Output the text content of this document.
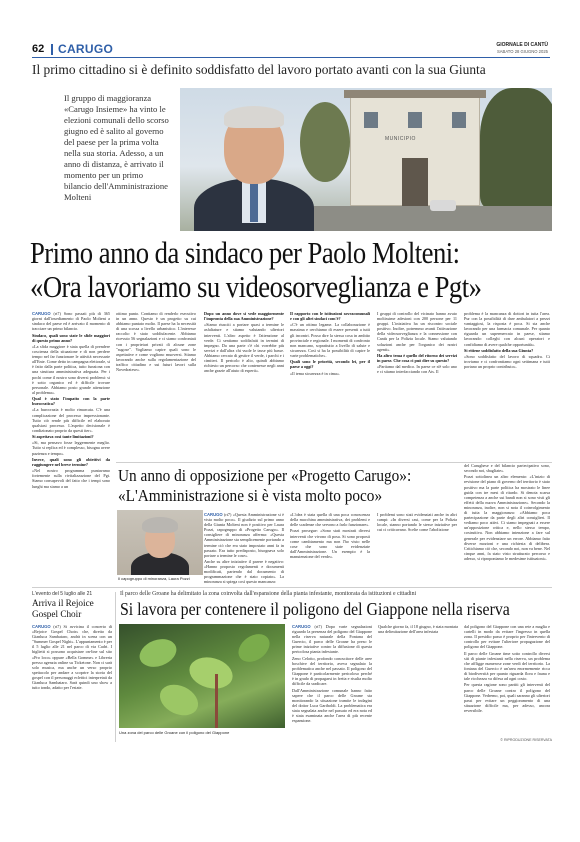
62 CARUGO	GIORNALE DI CANTÙ
SABATO 28 GIUGNO 2025
Il primo cittadino si è definito soddisfatto del lavoro portato avanti con la sua Giunta
Il gruppo di maggioranza «Carugo Insieme» ha vinto le elezioni comunali dello scorso giugno ed è salito al governo del paese per la prima volta nella sua storia. Adesso, a un anno di distanza, è arrivato il momento per un primo bilancio dell'Amministrazione Molteni
MUNICIPIO
Primo anno da sindaco per Paolo Molteni:
«Ora lavoriamo su videosorveglianza e Pgt»

CARUGO (rt7) Sono passati più di 365 giorni dall'insediamento di Paolo Molteni a sindaco del paese ed è arrivato il momento di tracciare un primo bilancio.

Sindaco, quali sono state le sfide maggiori di questo primo anno?

«La sfida maggiore è stata quella di prendere coscienza della situazione e di non perdere tempo nel far funzionare le attività necessarie all'Ente. Come detto in campagna elettorale, si è fatto dalla parte politica, tutto funziona con una struttura amministrativa adeguata. Per i pochi come il nostro sono diversi problemi: si è sotto organico ed è difficile trovare personale. Abbiamo posto grande attenzione al problema».

Qual è stato l'impatto con la parte burocratica?

«La burocrazia è molto rimarcata. C'è una complicazione del processo impressionante. Tutto ciò rende più difficile ed elaborato qualsiasi processo. L'aspetto decisionale è condizionato proprio da questi iter».

Si aspettava così tante limitazioni?

«Sì, ma pensavo fosse leggermente meglio. Tutto si replica ed è complesso, bisogna avere pazienza e tempo».

Invece, quali sono gli obiettivi da raggiungere nel breve termine?

«Nel nostro programma puntavamo fortemente sulla rivitalizzazione del Pgt. Siamo consapevoli del fatto che i tempi sono lunghi ma siamo a un

ottimo punto. Contiamo di renderlo esecutivo in un anno. Questo è un progetto su cui abbiamo puntato molto. Il paese ha la necessità di una scossa a livello urbanistico. L'interesse raccolto è stato soddisfacente. Abbiamo ricevuto 56 segnalazioni e ci siamo confrontati con i proprietari privati di alcune zone "sugose". Vogliamo capire quali sono le aspettative e come vogliono muoversi. Stiamo lavorando anche sulla regolamentazione del traffico cittadino e sui futuri lavori sulla Novedratese».

Dopo un anno dove si vede maggiormente l'impronta della sua Amministrazione?

«Siamo riusciti a portare quasi a termine le asfaltature e stiamo valutando ulteriori interventi. L'altro aspetto è l'attenzione al verde. Ci sentiamo soddisfatti in termini di impegno. Da una parte c'è chi vorrebbe più servizi e dall'altra chi vuole le tasse più basse. Abbiamo cercato di gestire il verde, i parchi e i cimiteri. Il pericolo è alto, quindi abbiamo richiesto un percorso che contenesse negli anni anche grazie all'aiuto di esperti».

Il rapporto con le istituzioni sovracomunali e con gli altri sindaci com'è?

«C'è un ottimo legame. La collaborazione è massima e cerchiamo di essere presenti a tutti gli incontri. Posso dire la stessa cosa in ambito provinciale e regionale. I momenti di confronto non mancano, soprattutto a livello di salute e sicurezza. Così si ha la possibilità di capire le varie problematiche».

Quali sono le priorità, secondo lei, per il paese a oggi?

«Il tema sicurezza è in cima».

I gruppi di controllo del vicinato hanno avuto moltissime adesioni con 200 persone per 11 gruppi. L'iniziativa ha un riscontro sociale positivo. Inoltre, potremmo avanti l'attivazione della videosorveglianza e la connessione con Cantù per la Polizia locale. Siamo valutando soluzioni anche per l'organico dei nostri agenti».

Ha altro tema è quello del ritorno dei servizi in paese. Che cosa ci può dire su questo?

«Partiamo dal medico. In paese ce n'è solo uno e ci stiamo interfacciando con Ats. Il

problema è la mancanza di dottori in tutta l'area. Pur con la possibilità di dare ambulatori a prezzi vantaggiosi, la risposta è poca. Si sta anche lavorando per una farmacia comunale. Per quanto riguarda un supermercato in paese, stiamo lavorando: colleghi con alcuni operatori e confidiamo di avere qualche opportunità».

Si ritiene soddisfatto della sua Giunta?

«Sono soddisfatto del lavoro di squadra. Ci troviamo e ci confrontiamo ogni settimana e tutti portano un proprio contributo».

Un anno di opposizione per «Progetto Carugo»:
«L'Amministrazione si è vista molto poco»

del Carughese e del bilancio partecipativo sono, secondo noi, sbagliate».

Pozzi sottolinea un altro elemento: «L'inizio di revisione del piano di governo del territorio è stato positivo ma la parte politica ha mostrato le linee guida con tre mesi di ritardo. Si denota scarsa competenza a anche sui bandi non si sono visti gli effetti della nuova Amministrazione». Secondo la minoranza, inoltre, non si nota il coinvolgimento di tutta la maggioranza: «Abbiamo poca partecipazione da parte degli altri consiglieri. Il vediamo poco attivi. Ci siamo impegnati a essere un'opposizione critica e, nello stesso tempo, costruttiva. Non abbiamo intenzione a fare sul generale per evidenziare un errore. Abbiamo fatto diverse mozioni e una richiesta di delibera. Critichiamo ciò che, secondo noi, non va bene. Nel cinque anni, fa stato visto strutturato percorso e adesso, si riproponiamo le medesime istituzioni».

Il capogruppo di minoranza, Laura Pozzi

CARUGO (rt7) «Questa Amministrazione si è vista molto poco». Il giudizio sul primo anno della Giunta Molteni non è positivo per Laura Pozzi, capogruppo di «Progetto Carugo». Il consigliere di minoranza afferma: «Questa Amministrazione sta semplicemente portando a termine ciò che era stato impostato anni fa in passato. Era tutto predisposto, bisognava solo portare a termine le cose».

Anche su altre iniziative il parere è negativo: «Hanno proposto regolamenti e documenti modificati, partendo dal documento di programmazione che è stato copiato». La minoranza si spiega così questo mancanza:

«L'idea è stata quella di una poca conoscenza della macchina amministrativa, dei problemi e delle scadenze che servono a farlo funzionare».

Pozzi prosegue: «Sono stati mostrati diversi interventi che vivono di posa. Si sono proposti come cambiamento ma non l'ho visto nelle cose che sono state evidenziate dall'Amministrazione. Un esempio è la manutenzione del verde».

I problemi sono stati evidenziati anche in altri campi: «In diversi casi, come per la Polizia locale, stanno portando le stesse iniziative per cui ci criticavano. Scelte come l'abolizione

L'evento del 5 luglio alle 21
Arriva il Rejoice
Gospel Choir

CARUGO (rt7) Si avvicina il concerto di «Rejoice Gospel Choir» che, diretto da Gianluca Sambataro, andrà in scena con un "Summer Gospel Night». L'appuntamento è per il 5 luglio alle 21 nel parco di via Cadri. I biglietti si possono acquistare on-line sul sito «Pro loco» oppure «Bella Gomme» e Libreria presso agenzia online su Ticketone. Non ci sarà solo musica, ma anche un verso proprio spettacolo per andare a scoprire la storia del gospel con il personaggi eclettici interpretati da Gianluca Sambataro. Sarà quindi uno show a tutto tondo, adatto per l'estate.

Il parco delle Groane ha delimitato la zona coinvolta dall'espansione della pianta infestante, monitorata da istituzioni e cittadini
Si lavora per contenere il poligono del Giappone nella riserva
Una zona del parco delle Groane con il poligono del Giappone

CARUGO (rt7) Dopo varie segnalazioni riguardo la presenza del poligono del Giappone nella riserva naturale della Fontana del Guercio, il parco delle Groane ha preso le prime iniziative contro la diffusione di questa pericolosa pianta infestante.

Zeno Celotto, profondo conoscitore delle aree boschive del territorio, aveva segnalato la problematica anche nel passato. Il poligono del Giappone è particolarmente pericoloso perché è in grado di propagarsi in fretta e risulta molto difficile da sradicare.

Dall'Amministrazione comunale hanno fatto sapere che il parco delle Groane sta monitorando la situazione tramite le indagini del dottor Luca Gariboldi. La problematica era stata segnalata anche nel passato ed era nota ed è stata esaminata anche l'area di più recente espansione.

Qualche giorno fa, il 18 giugno, è stata montata una delimitazione dell'area infestata

dal poligono del Giappone con una rete a maglia e cartelli in modo da evitare l'ingresso in quella zona. Il presidio passo è proprio per l'intervento di controllo per evitare l'ulteriore propagazione del poligono del Giappone.

Il parco delle Groane time sotto controllo diversi siti di piante infestanti nella riserva, un problema che affligge numerose zone verdi del territorio. La fontana del Guercio è un'area enormemente ricca di biodiversità per quanto riguarda flora e fauna e tale ricchezza va difesa ad ogni costo.

Per questa ragione sono partiti gli interventi del parco delle Groane contro il poligono del Giappone. Vedremo, poi, quali saranno gli ulteriori passi per evitare un peggioramento di una situazione difficile ma, per adesso, ancora reversibile.

© RIPRODUZIONE RISERVATA
